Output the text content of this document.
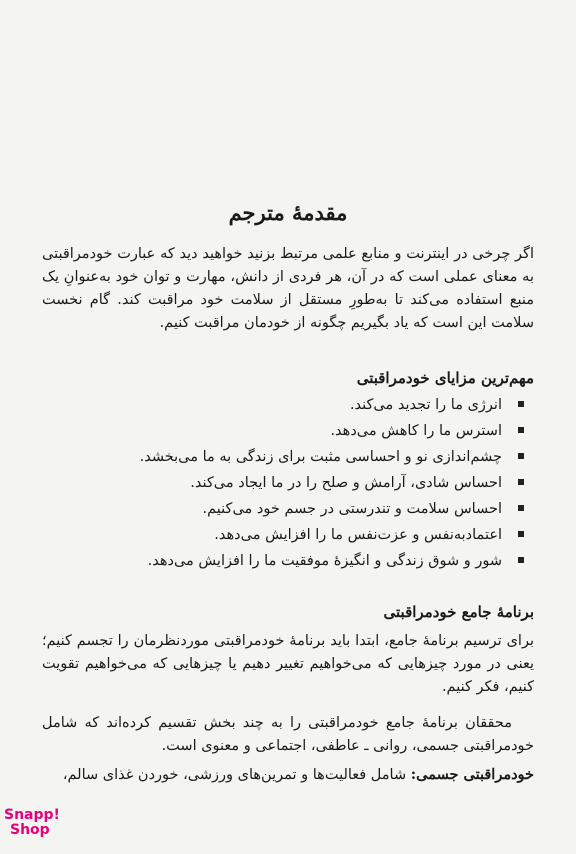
مقدمهٔ مترجم

اگر چرخی در اینترنت و منابع علمی مرتبط بزنید خواهید دید که عبارت خودمراقبتی به معنای عملی است که در آن، هر فردی از دانش، مهارت و توان خود به‌عنوانِ یک منبع استفاده می‌کند تا به‌طورِ مستقل از سلامت خود مراقبت کند. گام نخست سلامت این است که یاد بگیریم چگونه از خودمان مراقبت کنیم.

مهم‌ترین مزایای خودمراقبتی
انرژی ما را تجدید می‌کند.
استرس ما را کاهش می‌دهد.
چشم‌اندازی نو و احساسی مثبت برای زندگی به ما می‌بخشد.
احساس شادی، آرامش و صلح را در ما ایجاد می‌کند.
احساس سلامت و تندرستی در جسم خود می‌کنیم.
اعتمادبه‌نفس و عزت‌نفس ما را افزایش می‌دهد.
شور و شوق زندگی و انگیزهٔ موفقیت ما را افزایش می‌دهد.
برنامهٔ جامع خودمراقبتی

برای ترسیم برنامهٔ جامع، ابتدا باید برنامهٔ خودمراقبتی موردنظرمان را تجسم کنیم؛ یعنی در مورد چیزهایی که می‌خواهیم تغییر دهیم یا چیزهایی که می‌خواهیم تقویت کنیم، فکر کنیم.

محققان برنامهٔ جامع خودمراقبتی را به چند بخش تقسیم کرده‌اند که شامل خودمراقبتی جسمی، روانی ـ عاطفی، اجتماعی و معنوی است.

خودمراقبتی جسمی: شامل فعالیت‌ها و تمرین‌های ورزشی، خوردن غذای سالم،

Snapp!
Shop
